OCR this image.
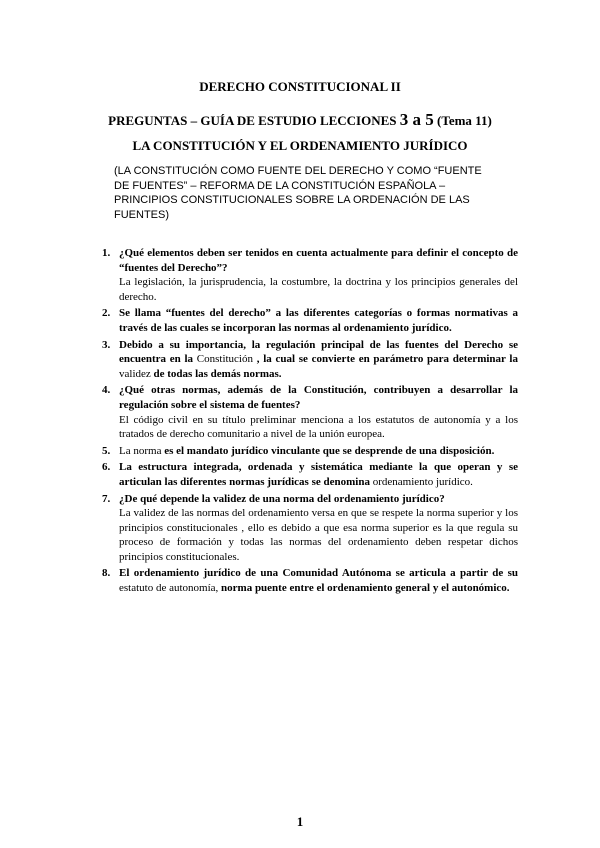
DERECHO CONSTITUCIONAL II
PREGUNTAS – GUÍA DE ESTUDIO LECCIONES 3 a 5 (Tema 11)
LA CONSTITUCIÓN Y EL ORDENAMIENTO JURÍDICO
(LA CONSTITUCIÓN COMO FUENTE DEL DERECHO Y COMO “FUENTE DE FUENTES” – REFORMA DE LA CONSTITUCIÓN ESPAÑOLA – PRINCIPIOS CONSTITUCIONALES SOBRE LA ORDENACIÓN DE LAS FUENTES)
1. ¿Qué elementos deben ser tenidos en cuenta actualmente para definir el concepto de “fuentes del Derecho”?
La legislación, la jurisprudencia, la costumbre, la doctrina y los principios generales del derecho.
2. Se llama “fuentes del derecho” a las diferentes categorías o formas normativas a través de las cuales se incorporan las normas al ordenamiento jurídico.
3. Debido a su importancia, la regulación principal de las fuentes del Derecho se encuentra en la Constitución , la cual se convierte en parámetro para determinar la validez de todas las demás normas.
4. ¿Qué otras normas, además de la Constitución, contribuyen a desarrollar la regulación sobre el sistema de fuentes?
El código civil en su título preliminar menciona a los estatutos de autonomía y a los tratados de derecho comunitario a nivel de la unión europea.
5. La norma es el mandato jurídico vinculante que se desprende de una disposición.
6. La estructura integrada, ordenada y sistemática mediante la que operan y se articulan las diferentes normas jurídicas se denomina ordenamiento jurídico.
7. ¿De qué depende la validez de una norma del ordenamiento jurídico?
La validez de las normas del ordenamiento versa en que se respete la norma superior y los principios constitucionales , ello es debido a que esa norma superior es la que regula su proceso de formación y todas las normas del ordenamiento deben respetar dichos principios constitucionales.
8. El ordenamiento jurídico de una Comunidad Autónoma se articula a partir de su estatuto de autonomía, norma puente entre el ordenamiento general y el autonómico.
1
